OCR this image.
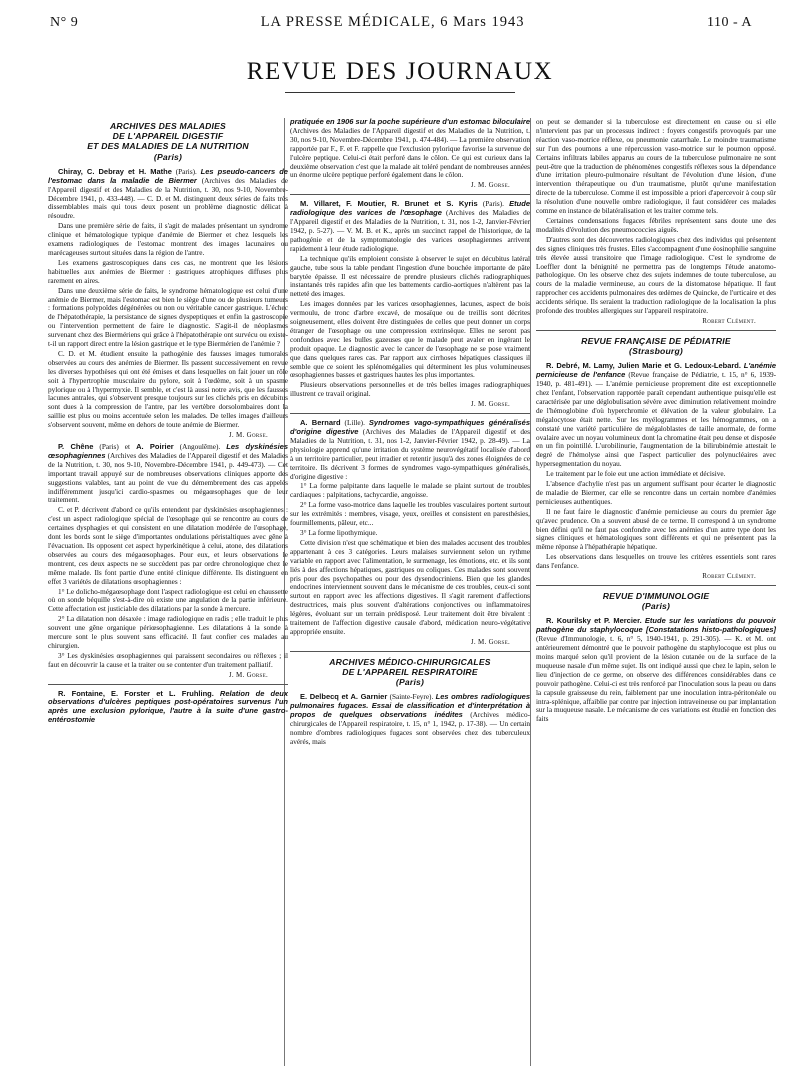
N° 9	LA PRESSE MÉDICALE, 6 Mars 1943	110 - A
REVUE DES JOURNAUX
ARCHIVES DES MALADIES
DE L'APPAREIL DIGESTIF
ET DES MALADIES DE LA NUTRITION
(Paris)

Chiray, C. Debray et H. Mathe (Paris). Les pseudo-cancers de l'estomac dans la maladie de Biermer (Archives des Maladies de l'Appareil digestif et des Maladies de la Nutrition, t. 30, nos 9-10, Novembre-Décembre 1941, p. 433-448). — C. D. et M. distinguent deux séries de faits très dissemblables mais qui tous deux posent un problème diagnostic délicat à résoudre.

Dans une première série de faits, il s'agit de malades présentant un syndrome clinique et hématologique typique d'anémie de Biermer et chez lesquels les examens radiologiques de l'estomac montrent des images lacunaires ou marécageuses surtout situées dans la région de l'antre.

Les examens gastroscopiques dans ces cas, ne montrent que les lésions habituelles aux anémies de Biermer : gastriques atrophiques diffuses plus rarement en aires.

Dans une deuxième série de faits, le syndrome hématologique est celui d'une anémie de Biermer, mais l'estomac est bien le siège d'une ou de plusieurs tumeurs : formations polypoïdes dégénérées ou non ou véritable cancer gastrique. L'échec de l'hépatothérapie, la persistance de signes dyspeptiques et enfin la gastroscopie ou l'intervention permettent de faire le diagnostic. S'agit-il de néoplasmes survenant chez des Biermériens qui grâce à l'hépatothérapie ont survécu ou existe-t-il un rapport direct entre la lésion gastrique et le type Biermérien de l'anémie ?

C. D. et M. étudient ensuite la pathogénie des fausses images tumorales observées au cours des anémies de Biermer. Ils passent successivement en revue les diverses hypothèses qui ont été émises et dans lesquelles on fait jouer un rôle soit à l'hypertrophie musculaire du pylore, soit à l'œdème, soit à un spasme pylorique ou à l'hypermyxie. Il semble, et c'est là aussi notre avis, que les fausses lacunes antrales, qui s'observent presque toujours sur les clichés pris en décubitus sont dues à la compression de l'antre, par les vertèbre dorsolombaires dont la saillie est plus ou moins accentuée selon les malades. De telles images d'ailleurs s'observent souvent, même en dehors de toute anémie de Biermer.

J. M. Gorse.

P. Chêne (Paris) et A. Poirier (Angoulême). Les dyskinésies œsophagiennes (Archives des Maladies de l'Appareil digestif et des Maladies de la Nutrition, t. 30, nos 9-10, Novembre-Décembre 1941, p. 449-473). — Cet important travail appuyé sur de nombreuses observations cliniques apporte des suggestions valables, tant au point de vue du démembrement des cas appelés indifféremment jusqu'ici cardio-spasmes ou mégaœsophages que de leur traitement.

C. et P. décrivent d'abord ce qu'ils entendent par dyskinésies œsophagiennes : c'est un aspect radiologique spécial de l'œsophage qui se rencontre au cours de certaines dysphagies et qui consistent en une dilatation modérée de l'œsophage, dont les bords sont le siège d'importantes ondulations péristaltiques avec gêne à l'évacuation. Ils opposent cet aspect hyperkinétique à celui, atone, des dilatations observées au cours des mégaœsophages. Pour eux, et leurs observations le montrent, ces deux aspects ne se succèdent pas par ordre chronologique chez le même malade. Ils font partie d'une entité clinique différente. Ils distinguent en effet 3 variétés de dilatations œsophagiennes :

1° Le dolicho-mégaœsophage dont l'aspect radiologique est celui en chaussette où on sonde béquille s'est-à-dire où existe une angulation de la partie inférieure. Cette affectation est justiciable des dilatations par la sonde à mercure.

2° La dilatation non désaxée : image radiologique en radis ; elle traduit le plus souvent une gêne organique périœsophagienne. Les dilatations à la sonde à mercure sont le plus souvent sans efficacité. Il faut confier ces malades au chirurgien.

3° Les dyskinésies œsophagiennes qui paraissent secondaires ou réflexes ; il faut en découvrir la cause et la traiter ou se contenter d'un traitement palliatif.

J. M. Gorse.

R. Fontaine, E. Forster et L. Fruhling. Relation de deux observations d'ulcères peptiques post-opératoires survenus l'un après une exclusion pylorique, l'autre à la suite d'une gastro-entérostomie

pratiquée en 1906 sur la poche supérieure d'un estomac biloculaire (Archives des Maladies de l'Appareil digestif et des Maladies de la Nutrition, t. 30, nos 9-10, Novembre-Décembre 1941, p. 474-484). — La première observation rapportée par F., F. et F. rappelle que l'exclusion pylorique favorise la survenue de l'ulcère peptique. Celui-ci était perforé dans le côlon. Ce qui est curieux dans la deuxième observation c'est que la malade ait toléré pendant de nombreuses années un énorme ulcère peptique perforé également dans le côlon.

J. M. Gorse.

M. Villaret, F. Moutier, R. Brunet et S. Kyris (Paris). Etude radiologique des varices de l'œsophage (Archives des Maladies de l'Appareil digestif et des Maladies de la Nutrition, t. 31, nos 1-2, Janvier-Février 1942, p. 5-27). — V. M. B. et K., après un succinct rappel de l'historique, de la pathogénie et de la symptomatologie des varices œsophagiennes arrivent rapidement à leur étude radiologique.

La technique qu'ils emploient consiste à observer le sujet en décubitus latéral gauche, tube sous la table pendant l'ingestion d'une bouchée importante de pâte barytée épaisse. Il est nécessaire de prendre plusieurs clichés radiographiques instantanés très rapides afin que les battements cardio-aortiques n'altèrent pas la netteté des images.

Les images données par les varices œsophagiennes, lacunes, aspect de bois vermoulu, de tronc d'arbre excavé, de mosaïque ou de treillis sont décrites soigneusement, elles doivent être distinguées de celles que peut donner un corps étranger de l'œsophage ou une compression extrinsèque. Elles ne seront pas confondues avec les bulles gazeuses que le malade peut avaler en ingérant le produit opaque. Le diagnostic avec le cancer de l'œsophage ne se pose vraiment que dans quelques rares cas. Par rapport aux cirrhoses hépatiques classiques il semble que ce soient les splénomégalies qui déterminent les plus volumineuses œsophagiennes basses et gastriques hautes les plus importantes.

Plusieurs observations personnelles et de très belles images radiographiques illustrent ce travail original.

J. M. Gorse.

A. Bernard (Lille). Syndromes vago-sympathiques généralisés d'origine digestive (Archives des Maladies de l'Appareil digestif et des Maladies de la Nutrition, t. 31, nos 1-2, Janvier-Février 1942, p. 28-49). — La physiologie apprend qu'une irritation du système neurovégétatif localisée d'abord à un territoire particulier, peut irradier et retentir jusqu'à des zones éloignées de ce territoire. Ils décrivent 3 formes de syndromes vago-sympathiques généralisés, d'origine digestive :

1° La forme palpitante dans laquelle le malade se plaint surtout de troubles cardiaques : palpitations, tachycardie, angoisse.

2° La forme vaso-motrice dans laquelle les troubles vasculaires portent surtout sur les extrémités : membres, visage, yeux, oreilles et consistent en paresthésies, fourmillements, pâleur, etc...

3° La forme lipothymique.

Cette division n'est que schématique et bien des malades accusent des troubles appartenant à ces 3 catégories. Leurs malaises surviennent selon un rythme variable en rapport avec l'alimentation, le surmenage, les émotions, etc. et ils sont liés à des affections hépatiques, gastriques ou coliques. Ces malades sont souvent pris pour des psychopathes ou pour des dysendocriniens. Bien que les glandes endocrines interviennent souvent dans le mécanisme de ces troubles, ceux-ci sont surtout en rapport avec les affections digestives. Il s'agit rarement d'affections destructrices, mais plus souvent d'altérations conjonctives ou inflammatoires légères, évoluant sur un terrain prédisposé. Leur traitement doit être bivalent : traitement de l'affection digestive causale d'abord, médication neuro-végétative appropriée ensuite.

J. M. Gorse.
ARCHIVES MÉDICO-CHIRURGICALES
DE L'APPAREIL RESPIRATOIRE
(Paris)

E. Delbecq et A. Garnier (Sainte-Feyre). Les ombres radiologiques pulmonaires fugaces. Essai de classification et d'interprétation à propos de quelques observations inédites (Archives médico-chirurgicales de l'Appareil respiratoire, t. 15, n° 1, 1942, p. 17-38). — Un certain nombre d'ombres radiologiques fugaces sont observées chez des tuberculeux avérés, mais

on peut se demander si la tuberculose est directement en cause ou si elle n'intervient pas par un processus indirect : foyers congestifs provoqués par une réaction vaso-motrice réflexe, ou pneumonie catarrhale. Le moindre traumatisme sur l'un des poumons a une répercussion vaso-motrice sur le poumon opposé. Certains infiltrats labiles apparus au cours de la tuberculose pulmonaire ne sont peut-être que la traduction de phénomènes congestifs réflexes sous la dépendance d'une irritation pleuro-pulmonaire résultant de l'évolution d'une lésion, d'une intervention thérapeutique ou d'un traumatisme, plutôt qu'une manifestation directe de la tuberculose. Comme il est impossible a priori d'apercevoir à coup sûr la résolution d'une nouvelle ombre radiologique, il faut considérer ces malades comme en instance de bilatéralisation et les traiter comme tels.

Certaines condensations fugaces fébriles représentent sans doute une des modalités d'évolution des pneumococcies aiguës.

D'autres sont des découvertes radiologiques chez des individus qui présentent des signes cliniques très frustes. Elles s'accompagnent d'une éosinophilie sanguine très élevée aussi transitoire que l'image radiologique. C'est le syndrome de Loeffler dont la bénignité ne permettra pas de longtemps l'étude anatomo-pathologique. On les observe chez des sujets indemnes de toute tuberculose, au cours de la maladie vermineuse, au cours de la distomatose hépatique. Il faut rapprocher ces accidents pulmonaires des œdèmes de Quincke, de l'urticaire et des accidents sérique. Ils seraient la traduction radiologique de la localisation la plus profonde des troubles allergiques sur l'appareil respiratoire.

Robert Clément.
REVUE FRANÇAISE DE PÉDIATRIE
(Strasbourg)

R. Debré, M. Lamy, Julien Marie et G. Ledoux-Lebard. L'anémie pernicieuse de l'enfance (Revue française de Pédiatrie, t. 15, n° 6, 1939-1940, p. 481-491). — L'anémie pernicieuse proprement dite est exceptionnelle chez l'enfant, l'observation rapportée paraît cependant authentique puisqu'elle est caractérisée par une déglobulisation sévère avec diminution relativement moindre de l'hémoglobine d'où hyperchromie et élévation de la valeur globulaire. La mégalocytose était nette. Sur les myélogrammes et les hémogrammes, on a constaté une variété particulière de mégaloblastes de taille anormale, de forme ovalaire avec un noyau volumineux dont la chromatine était peu dense et disposée en un fin pointillé. L'urobilinurie, l'augmentation de la bilirubinémie attestait le degré de l'hémolyse ainsi que l'aspect particulier des polynucléaires avec hypersegmentation du noyau.

Le traitement par le foie eut une action immédiate et décisive.

L'absence d'achylie n'est pas un argument suffisant pour écarter le diagnostic de maladie de Biermer, car elle se rencontre dans un certain nombre d'anémies pernicieuses authentiques.

Il ne faut faire le diagnostic d'anémie pernicieuse au cours du premier âge qu'avec prudence. On a souvent abusé de ce terme. Il correspond à un syndrome bien défini qu'il ne faut pas confondre avec les anémies d'un autre type dont les signes cliniques et hématologiques sont différents et qui ne présentent pas la même réponse à l'hépathérapie hépatique.

Les observations dans lesquelles on trouve les critères essentiels sont rares dans l'enfance.

Robert Clément.
REVUE D'IMMUNOLOGIE
(Paris)

R. Kourilsky et P. Mercier. Etude sur les variations du pouvoir pathogène du staphylocoque [Constatations histo-pathologiques] (Revue d'Immunologie, t. 6, n° 5, 1940-1941, p. 291-305). — K. et M. ont antérieurement démontré que le pouvoir pathogène du staphylocoque est plus ou moins marqué selon qu'il provient de la lésion cutanée ou de la surface de la muqueuse nasale d'un même sujet. Ils ont indiqué aussi que chez le lapin, selon le lieu d'injection de ce germe, on observe des différences considérables dans ce pouvoir pathogène. Celui-ci est très renforcé par l'inoculation sous la peau ou dans la capsule graisseuse du rein, faiblement par une inoculation intra-péritonéale ou intra-splénique, affaiblie par contre par injection intraveineuse ou par implantation sur la muqueuse nasale. Le mécanisme de ces variations est étudié en fonction des faits
